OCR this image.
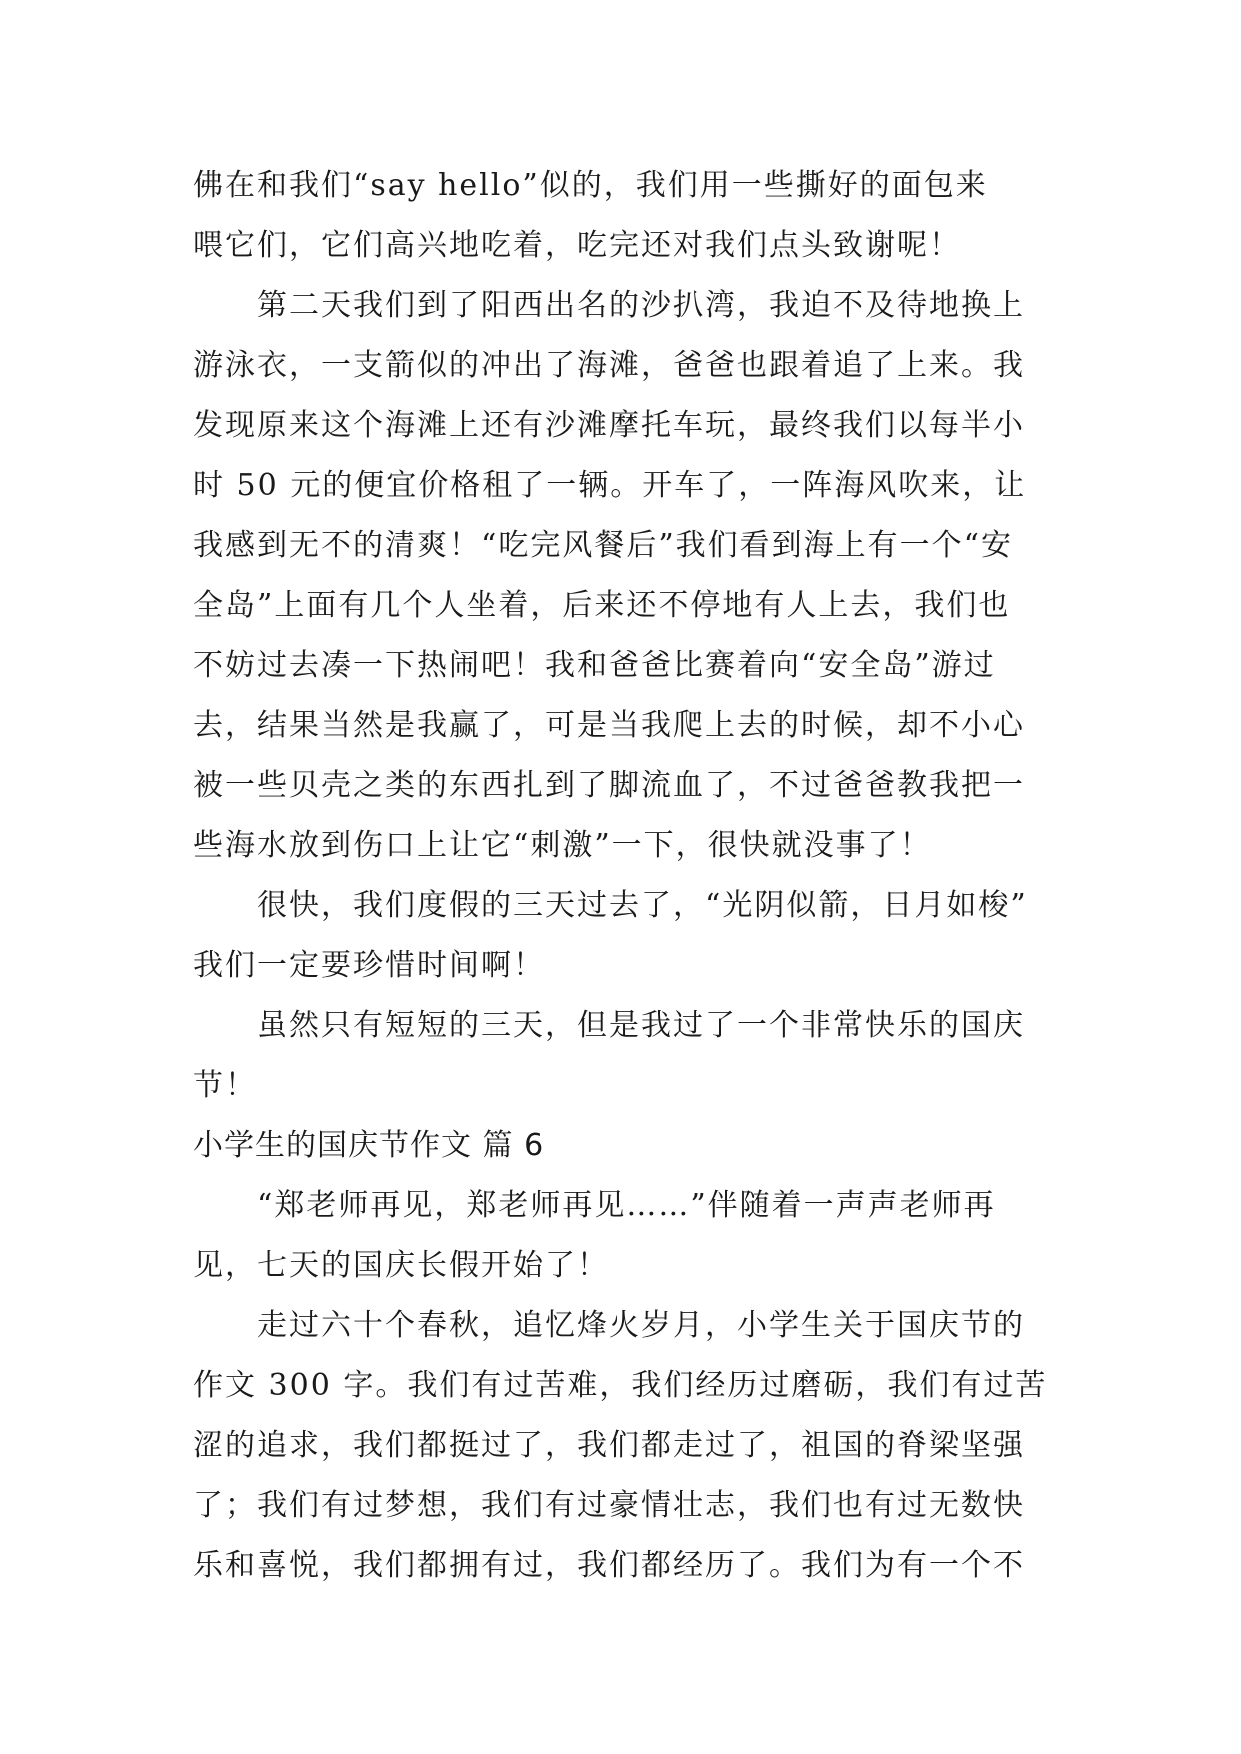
佛在和我们“say hello”似的，我们用一些撕好的面包来
喂它们，它们高兴地吃着，吃完还对我们点头致谢呢！
第二天我们到了阳西出名的沙扒湾，我迫不及待地换上
游泳衣，一支箭似的冲出了海滩，爸爸也跟着追了上来。我
发现原来这个海滩上还有沙滩摩托车玩，最终我们以每半小
时 50 元的便宜价格租了一辆。开车了，一阵海风吹来，让
我感到无不的清爽！“吃完风餐后”我们看到海上有一个“安
全岛”上面有几个人坐着，后来还不停地有人上去，我们也
不妨过去凑一下热闹吧！我和爸爸比赛着向“安全岛”游过
去，结果当然是我赢了，可是当我爬上去的时候，却不小心
被一些贝壳之类的东西扎到了脚流血了，不过爸爸教我把一
些海水放到伤口上让它“刺激”一下，很快就没事了！
很快，我们度假的三天过去了，“光阴似箭，日月如梭”
我们一定要珍惜时间啊！
虽然只有短短的三天，但是我过了一个非常快乐的国庆
节！
小学生的国庆节作文 篇 6
“郑老师再见，郑老师再见……”伴随着一声声老师再
见，七天的国庆长假开始了！
走过六十个春秋，追忆烽火岁月，小学生关于国庆节的
作文 300 字。我们有过苦难，我们经历过磨砺，我们有过苦
涩的追求，我们都挺过了，我们都走过了，祖国的脊梁坚强
了；我们有过梦想，我们有过豪情壮志，我们也有过无数快
乐和喜悦，我们都拥有过，我们都经历了。我们为有一个不
